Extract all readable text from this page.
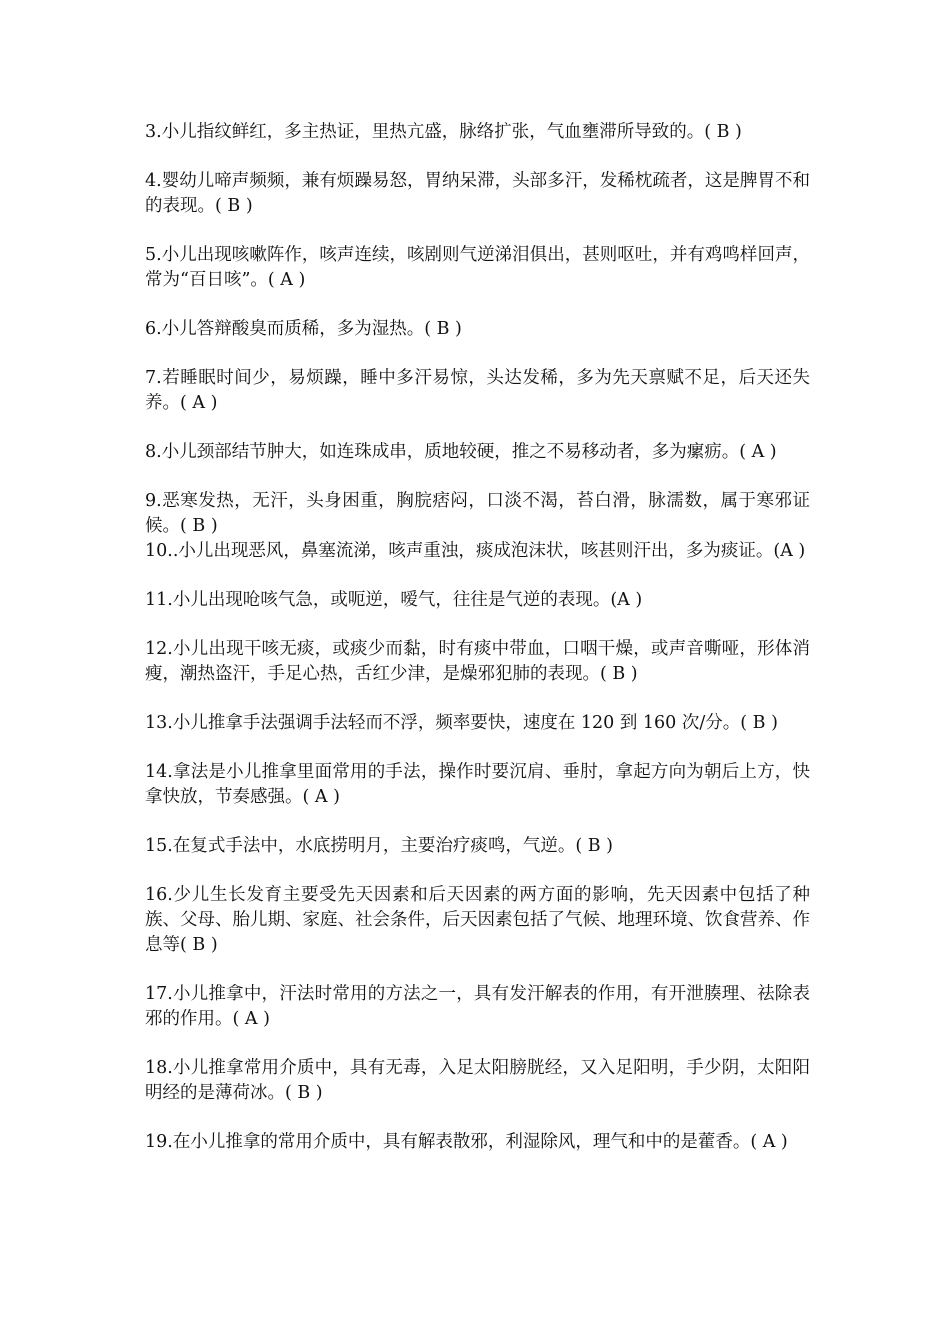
3.小儿指纹鲜红，多主热证，里热亢盛，脉络扩张，气血壅滞所导致的。( B )

4.婴幼儿啼声频频，兼有烦躁易怒，胃纳呆滞，头部多汗，发稀枕疏者，这是脾胃不和的表现。( B )

5.小儿出现咳嗽阵作，咳声连续，咳剧则气逆涕泪俱出，甚则呕吐，并有鸡鸣样回声，常为“百日咳”。( A )

6.小儿答辩酸臭而质稀，多为湿热。( B )

7.若睡眠时间少，易烦躁，睡中多汗易惊，头达发稀，多为先天禀赋不足，后天还失养。( A )

8.小儿颈部结节肿大，如连珠成串，质地较硬，推之不易移动者，多为瘰疬。( A )

9.恶寒发热，无汗，头身困重，胸脘痞闷，口淡不渴，苔白滑，脉濡数，属于寒邪证候。( B )

10..小儿出现恶风，鼻塞流涕，咳声重浊，痰成泡沫状，咳甚则汗出，多为痰证。(A )

11.小儿出现呛咳气急，或呃逆，嗳气，往往是气逆的表现。(A )

12.小儿出现干咳无痰，或痰少而黏，时有痰中带血，口咽干燥，或声音嘶哑，形体消瘦，潮热盗汗，手足心热，舌红少津，是燥邪犯肺的表现。( B )

13.小儿推拿手法强调手法轻而不浮，频率要快，速度在 120 到 160 次/分。( B )

14.拿法是小儿推拿里面常用的手法，操作时要沉肩、垂肘，拿起方向为朝后上方，快拿快放，节奏感强。( A )

15.在复式手法中，水底捞明月，主要治疗痰鸣，气逆。( B )

16.少儿生长发育主要受先天因素和后天因素的两方面的影响，先天因素中包括了种族、父母、胎儿期、家庭、社会条件，后天因素包括了气候、地理环境、饮食营养、作息等( B )

17.小儿推拿中，汗法时常用的方法之一，具有发汗解表的作用，有开泄腠理、祛除表邪的作用。( A )

18.小儿推拿常用介质中，具有无毒，入足太阳膀胱经，又入足阳明，手少阴，太阳阳明经的是薄荷冰。( B )

19.在小儿推拿的常用介质中，具有解表散邪，利湿除风，理气和中的是藿香。( A )
